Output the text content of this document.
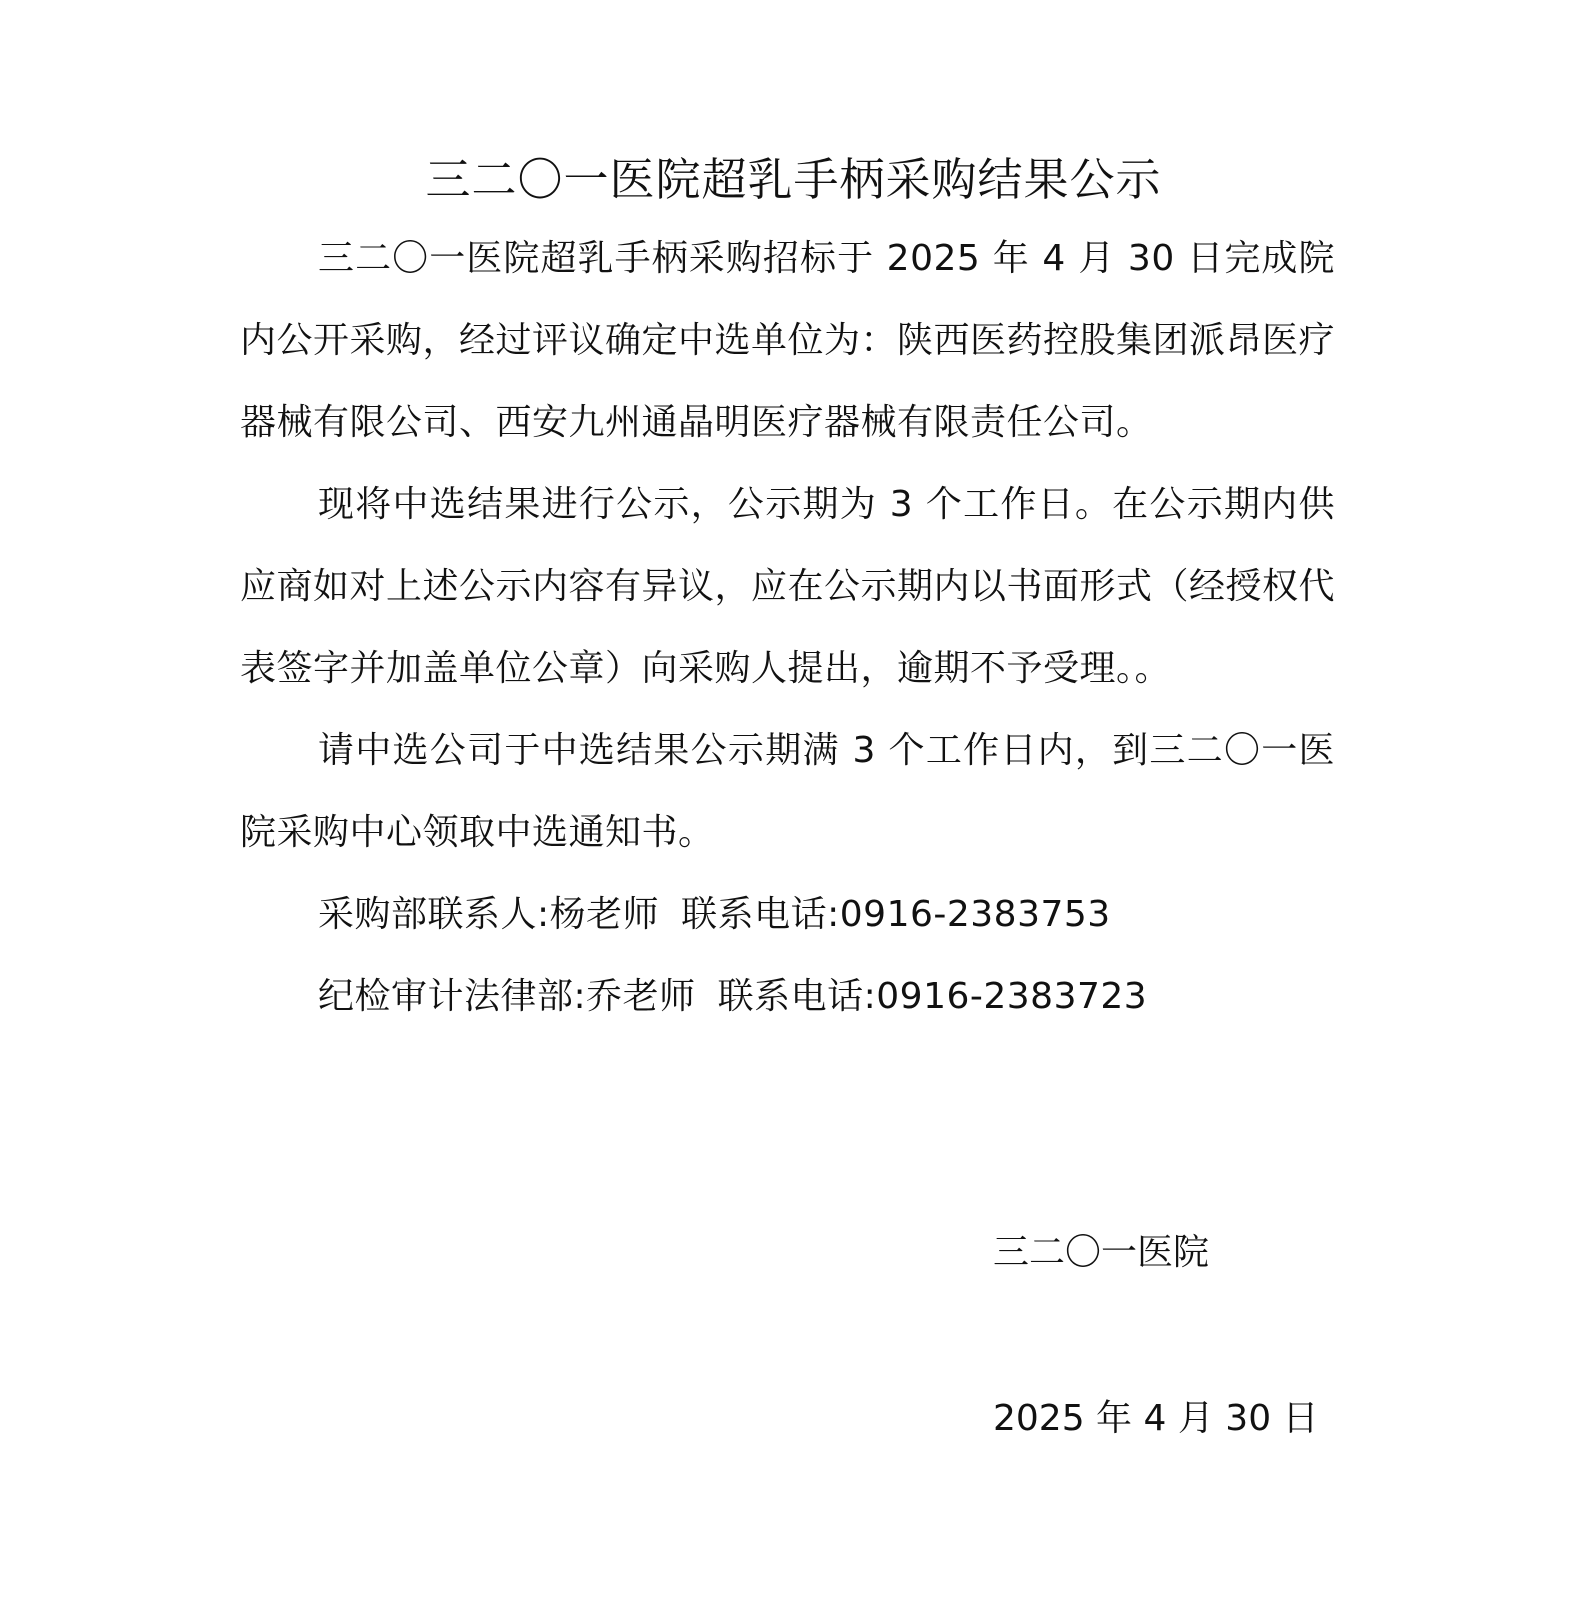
三二〇一医院超乳手柄采购结果公示

三二〇一医院超乳手柄采购招标于 2025 年 4 月 30 日完成院内公开采购，经过评议确定中选单位为：陕西医药控股集团派昂医疗器械有限公司、西安九州通晶明医疗器械有限责任公司。

现将中选结果进行公示，公示期为 3 个工作日。在公示期内供应商如对上述公示内容有异议，应在公示期内以书面形式（经授权代表签字并加盖单位公章）向采购人提出，逾期不予受理。。

请中选公司于中选结果公示期满 3 个工作日内，到三二〇一医院采购中心领取中选通知书。

采购部联系人:杨老师 联系电话:0916-2383753

纪检审计法律部:乔老师 联系电话:0916-2383723

三二〇一医院
2025 年 4 月 30 日
